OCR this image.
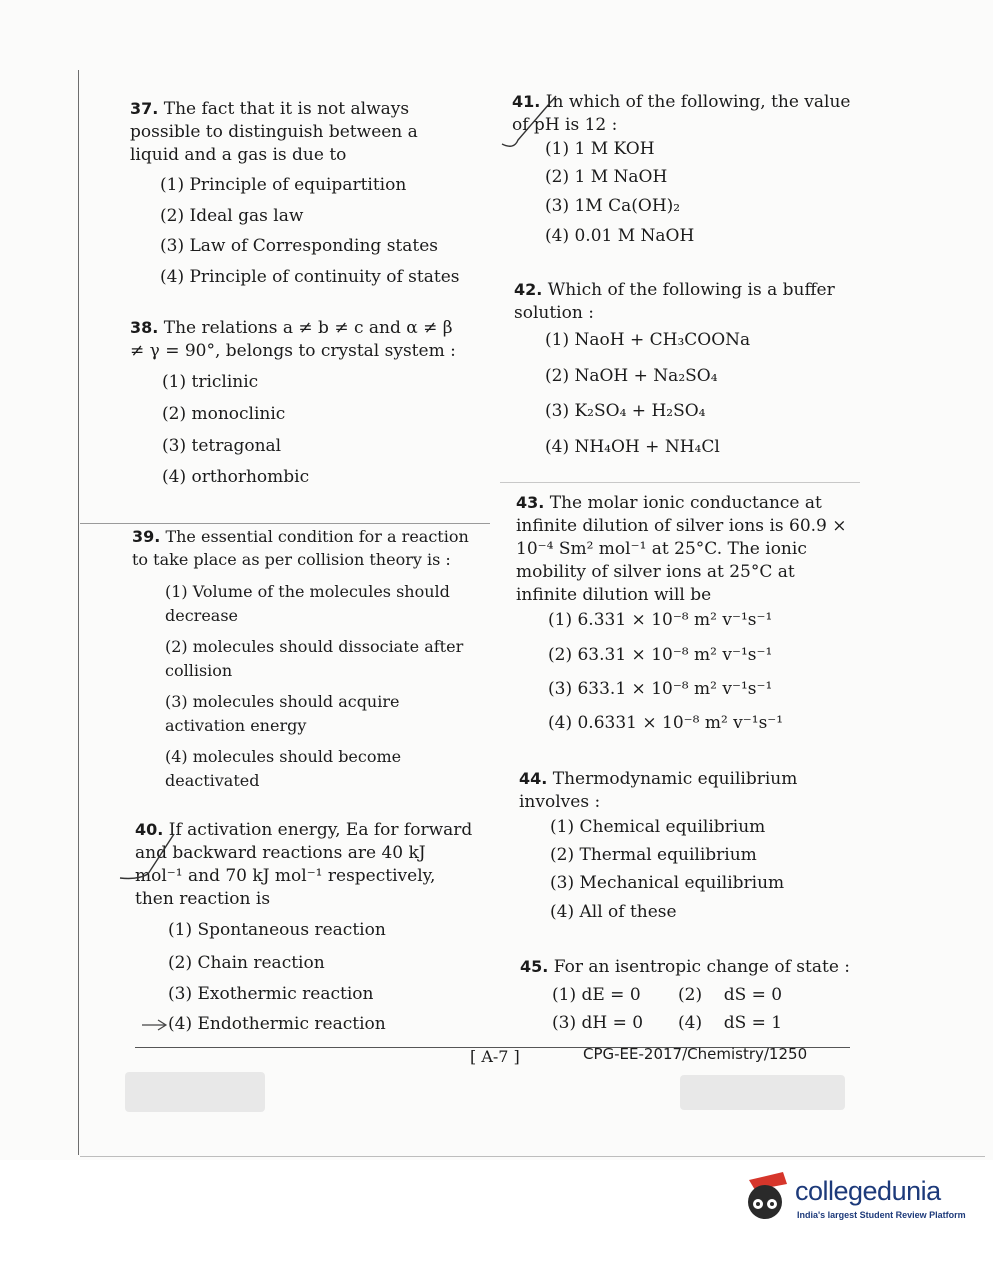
37. The fact that it is not always possible to distinguish between a liquid and a gas is due to
(1) Principle of equipartition
(2) Ideal gas law
(3) Law of Corresponding states
(4) Principle of continuity of states
38. The relations a ≠ b ≠ c and α ≠ β ≠ γ = 90°, belongs to crystal system :
(1) triclinic
(2) monoclinic
(3) tetragonal
(4) orthorhombic
39. The essential condition for a reaction to take place as per collision theory is :
(1) Volume of the molecules should decrease
(2) molecules should dissociate after collision
(3) molecules should acquire activation energy
(4) molecules should become deactivated
40. If activation energy, Ea for forward and backward reactions are 40 kJ mol⁻¹ and 70 kJ mol⁻¹ respectively, then reaction is
(1) Spontaneous reaction
(2) Chain reaction
(3) Exothermic reaction
(4) Endothermic reaction
41. In which of the following, the value of pH is 12 :
(1) 1 M KOH
(2) 1 M NaOH
(3) 1M Ca(OH)₂
(4) 0.01 M NaOH
42. Which of the following is a buffer solution :
(1) NaoH + CH₃COONa
(2) NaOH + Na₂SO₄
(3) K₂SO₄ + H₂SO₄
(4) NH₄OH + NH₄Cl
43. The molar ionic conductance at infinite dilution of silver ions is 60.9 × 10⁻⁴ Sm² mol⁻¹ at 25°C. The ionic mobility of silver ions at 25°C at infinite dilution will be
(1) 6.331 × 10⁻⁸ m² v⁻¹s⁻¹
(2) 63.31 × 10⁻⁸ m² v⁻¹s⁻¹
(3) 633.1 × 10⁻⁸ m² v⁻¹s⁻¹
(4) 0.6331 × 10⁻⁸ m² v⁻¹s⁻¹
44. Thermodynamic equilibrium involves :
(1) Chemical equilibrium
(2) Thermal equilibrium
(3) Mechanical equilibrium
(4) All of these
45. For an isentropic change of state :
(1) dE = 0 (2)    dS = 0
(3) dH = 0 (4)    dS = 1
[ A-7 ]	CPG-EE-2017/Chemistry/1250
collegedunia
India's largest Student Review Platform
